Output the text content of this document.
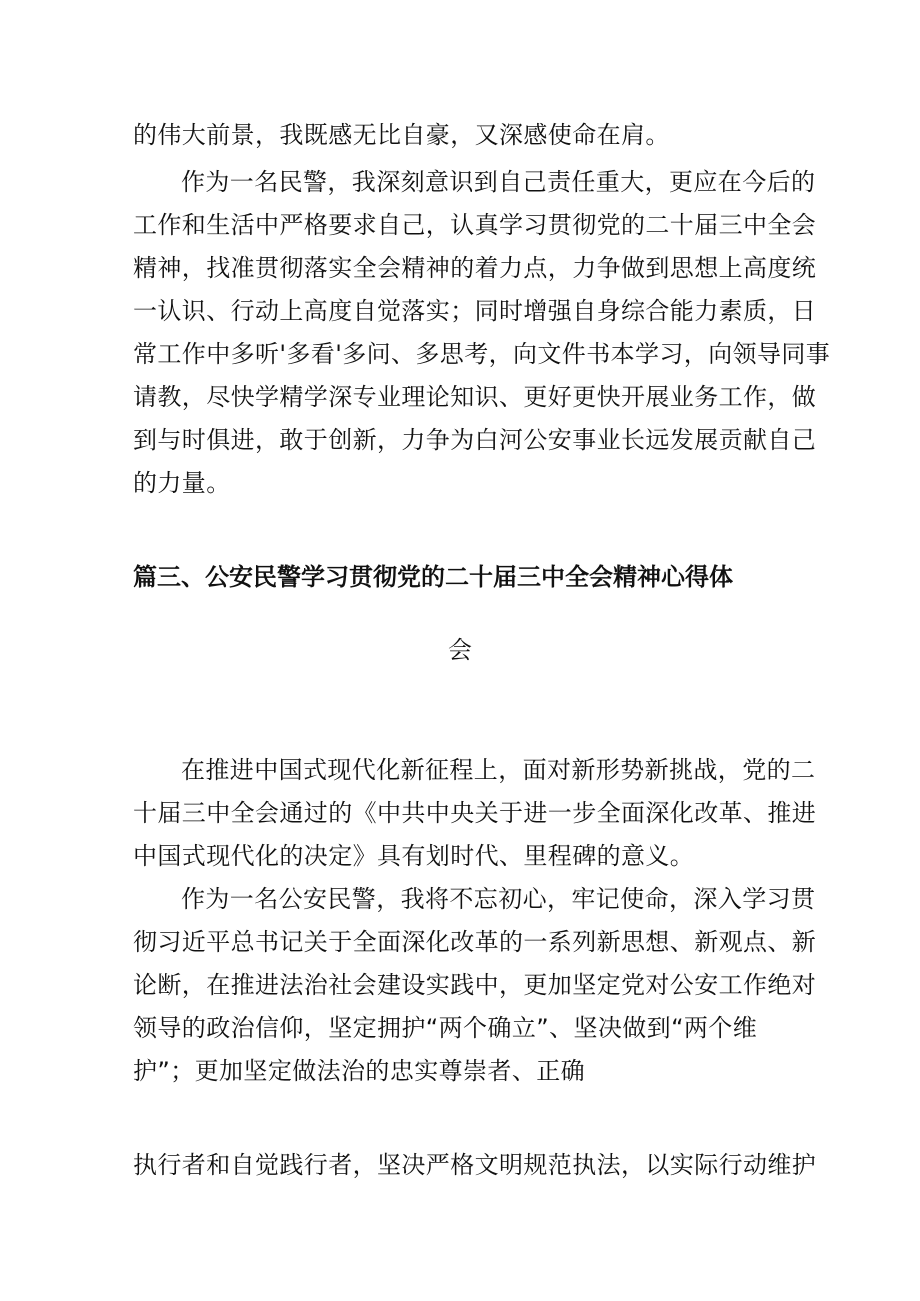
的伟大前景，我既感无比自豪，又深感使命在肩。
作为一名民警，我深刻意识到自己责任重大，更应在今后的
工作和生活中严格要求自己，认真学习贯彻党的二十届三中全会
精神，找准贯彻落实全会精神的着力点，力争做到思想上高度统
一认识、行动上高度自觉落实；同时增强自身综合能力素质，日
常工作中多听'多看'多问、多思考，向文件书本学习，向领导同事
请教，尽快学精学深专业理论知识、更好更快开展业务工作，做
到与时俱进，敢于创新，力争为白河公安事业长远发展贡献自己
的力量。
篇三、公安民警学习贯彻党的二十届三中全会精神心得体
会
在推进中国式现代化新征程上，面对新形势新挑战，党的二
十届三中全会通过的《中共中央关于进一步全面深化改革、推进
中国式现代化的决定》具有划时代、里程碑的意义。
作为一名公安民警，我将不忘初心，牢记使命，深入学习贯
彻习近平总书记关于全面深化改革的一系列新思想、新观点、新
论断，在推进法治社会建设实践中，更加坚定党对公安工作绝对
领导的政治信仰，坚定拥护“两个确立”、坚决做到“两个维
护”；更加坚定做法治的忠实尊崇者、正确
执行者和自觉践行者，坚决严格文明规范执法，以实际行动维护
